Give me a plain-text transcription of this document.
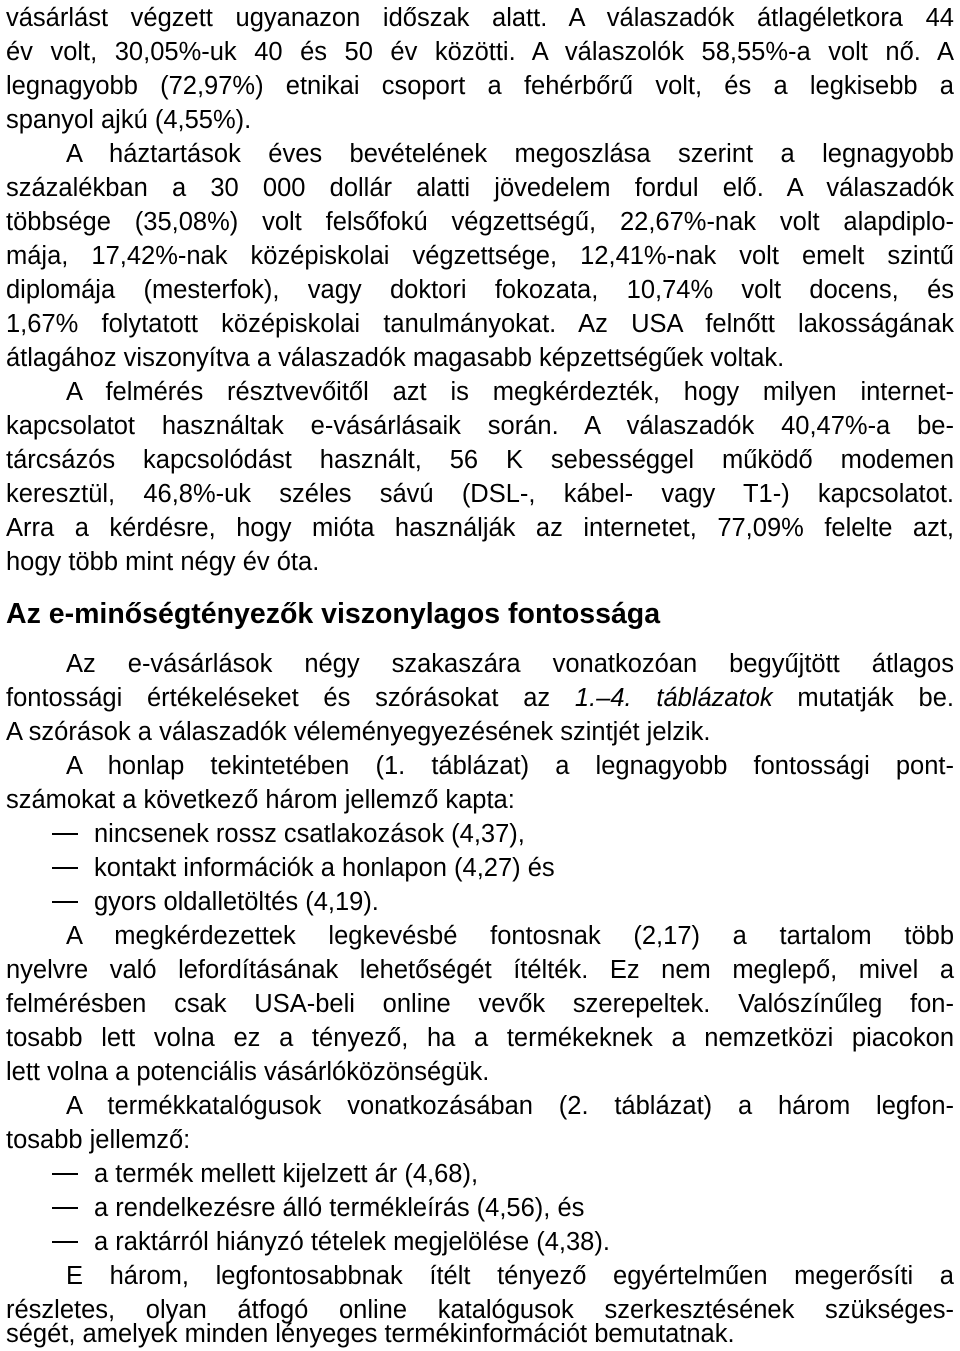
vásárlást végzett ugyanazon időszak alatt. A válaszadók átlagéletkora 44
év volt, 30,05%-uk 40 és 50 év közötti. A válaszolók 58,55%-a volt nő. A
legnagyobb (72,97%) etnikai csoport a fehérbőrű volt, és a legkisebb a
spanyol ajkú (4,55%).
A háztartások éves bevételének megoszlása szerint a legnagyobb
százalékban a 30 000 dollár alatti jövedelem fordul elő. A válaszadók
többsége (35,08%) volt felsőfokú végzettségű, 22,67%-nak volt alapdiplo-
mája, 17,42%-nak középiskolai végzettsége, 12,41%-nak volt emelt szintű
diplomája (mesterfok), vagy doktori fokozata, 10,74% volt docens, és
1,67% folytatott középiskolai tanulmányokat. Az USA felnőtt lakosságának
átlagához viszonyítva a válaszadók magasabb képzettségűek voltak.
A felmérés résztvevőitől azt is megkérdezték, hogy milyen internet-
kapcsolatot használtak e-vásárlásaik során. A válaszadók 40,47%-a be-
tárcsázós kapcsolódást használt, 56 K sebességgel működő modemen
keresztül, 46,8%-uk széles sávú (DSL-, kábel- vagy T1-) kapcsolatot.
Arra a kérdésre, hogy mióta használják az internetet, 77,09% felelte azt,
hogy több mint négy év óta.
Az e-minőségtényezők viszonylagos fontossága
Az e-vásárlások négy szakaszára vonatkozóan begyűjtött átlagos
fontossági értékeléseket és szórásokat az 1.–4. táblázatok mutatják be.
A szórások a válaszadók véleményegyezésének szintjét jelzik.
A honlap tekintetében (1. táblázat) a legnagyobb fontossági pont-
számokat a következő három jellemző kapta:
nincsenek rossz csatlakozások (4,37),
kontakt információk a honlapon (4,27) és
gyors oldalletöltés (4,19).
A megkérdezettek legkevésbé fontosnak (2,17) a tartalom több
nyelvre való lefordításának lehetőségét ítélték. Ez nem meglepő, mivel a
felmérésben csak USA-beli online vevők szerepeltek. Valószínűleg fon-
tosabb lett volna ez a tényező, ha a termékeknek a nemzetközi piacokon
lett volna a potenciális vásárlóközönségük.
A termékkatalógusok vonatkozásában (2. táblázat) a három legfon-
tosabb jellemző:
a termék mellett kijelzett ár (4,68),
a rendelkezésre álló termékleírás (4,56), és
a raktárról hiányzó tételek megjelölése (4,38).
E három, legfontosabbnak ítélt tényező egyértelműen megerősíti a
részletes, olyan átfogó online katalógusok szerkesztésének szükséges-
ségét, amelyek minden lényeges termékinformációt bemutatnak.
